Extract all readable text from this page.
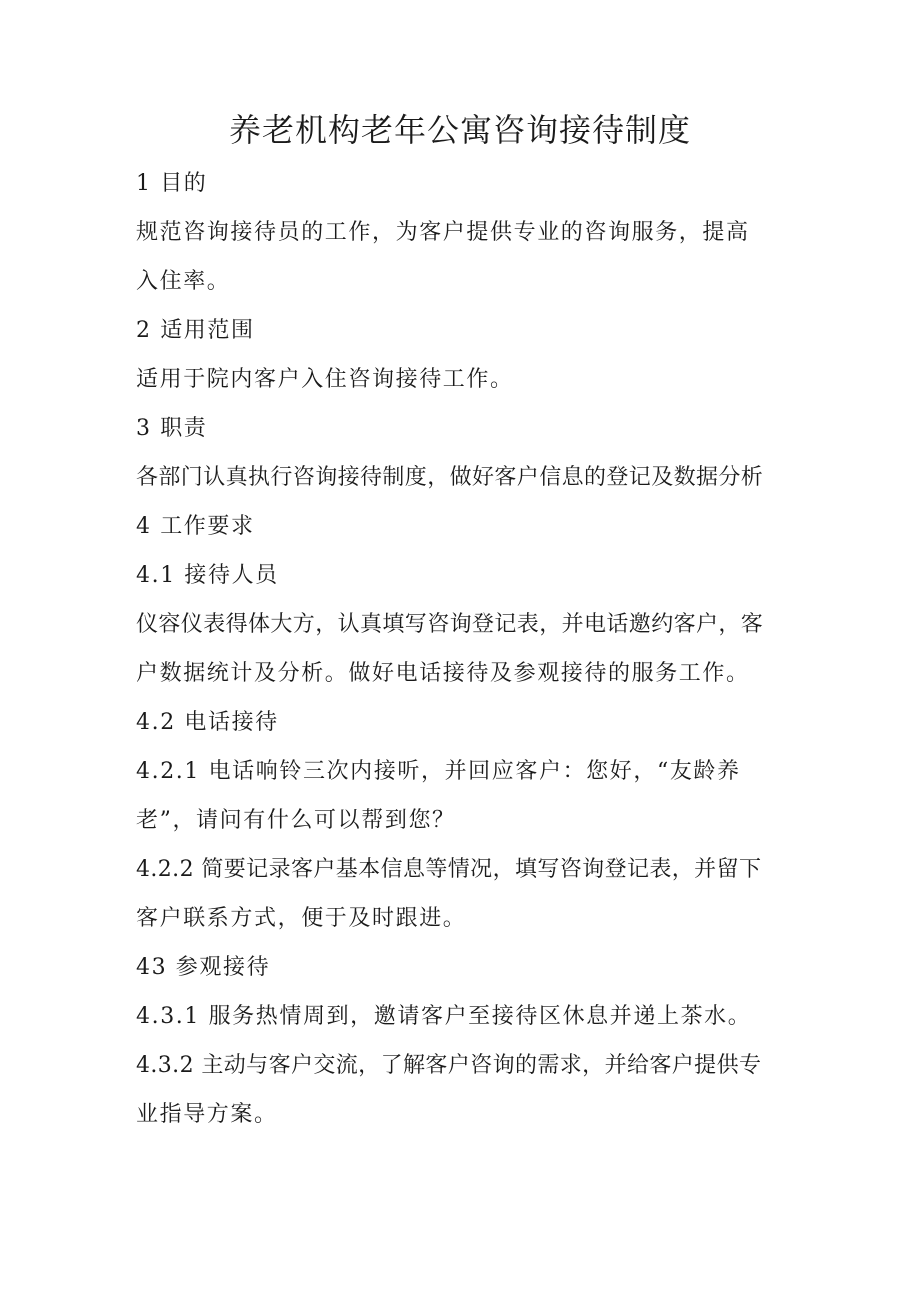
养老机构老年公寓咨询接待制度

1 目的

规范咨询接待员的工作，为客户提供专业的咨询服务，提高

入住率。

2 适用范围

适用于院内客户入住咨询接待工作。

3 职责

各部门认真执行咨询接待制度，做好客户信息的登记及数据分析

4 工作要求

4.1 接待人员

仪容仪表得体大方，认真填写咨询登记表，并电话邀约客户，客

户数据统计及分析。做好电话接待及参观接待的服务工作。

4.2 电话接待

4.2.1 电话响铃三次内接听，并回应客户：您好，“友龄养

老”，请问有什么可以帮到您？

4.2.2 简要记录客户基本信息等情况，填写咨询登记表，并留下

客户联系方式，便于及时跟进。

43 参观接待

4.3.1 服务热情周到，邀请客户至接待区休息并递上茶水。

4.3.2 主动与客户交流，了解客户咨询的需求，并给客户提供专

业指导方案。
